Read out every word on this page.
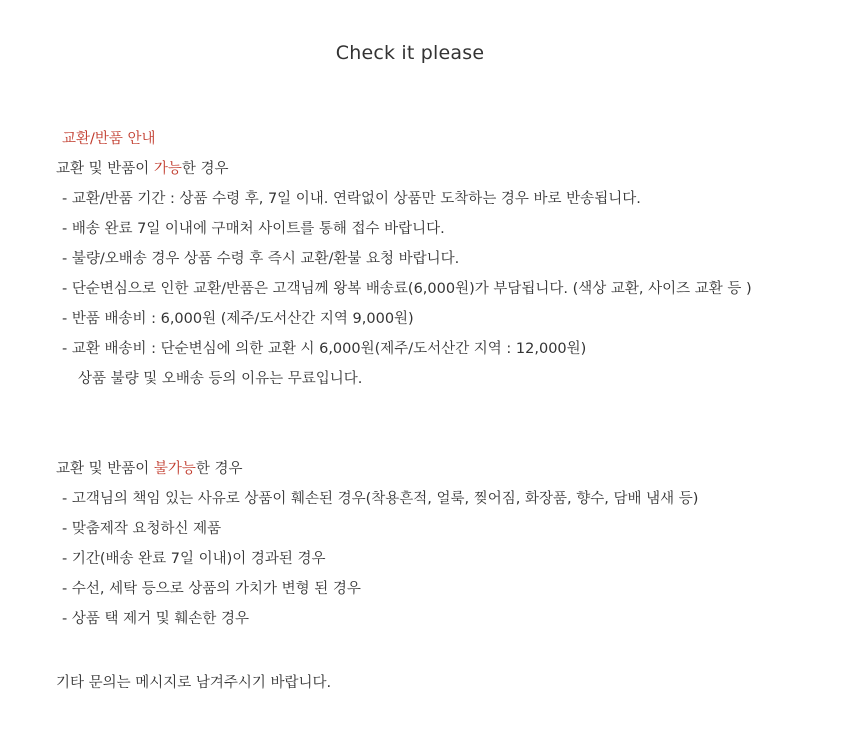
Check it please
교환/반품 안내
교환 및 반품이 가능한 경우
- 교환/반품 기간 : 상품 수령 후, 7일 이내. 연락없이 상품만 도착하는 경우 바로 반송됩니다.
- 배송 완료 7일 이내에 구매처 사이트를 통해 접수 바랍니다.
- 불량/오배송 경우 상품 수령 후 즉시 교환/환불 요청 바랍니다.
- 단순변심으로 인한 교환/반품은 고객님께 왕복 배송료(6,000원)가 부담됩니다. (색상 교환, 사이즈 교환 등 )
- 반품 배송비 : 6,000원 (제주/도서산간 지역 9,000원)
- 교환 배송비 : 단순변심에 의한 교환 시 6,000원(제주/도서산간 지역 : 12,000원)
상품 불량 및 오배송 등의 이유는 무료입니다.
교환 및 반품이 불가능한 경우
- 고객님의 책임 있는 사유로 상품이 훼손된 경우(착용흔적, 얼룩, 찢어짐, 화장품, 향수, 담배 냄새 등)
- 맞춤제작 요청하신 제품
- 기간(배송 완료 7일 이내)이 경과된 경우
- 수선, 세탁 등으로 상품의 가치가 변형 된 경우
- 상품 택 제거 및 훼손한 경우
기타 문의는 메시지로 남겨주시기 바랍니다.
